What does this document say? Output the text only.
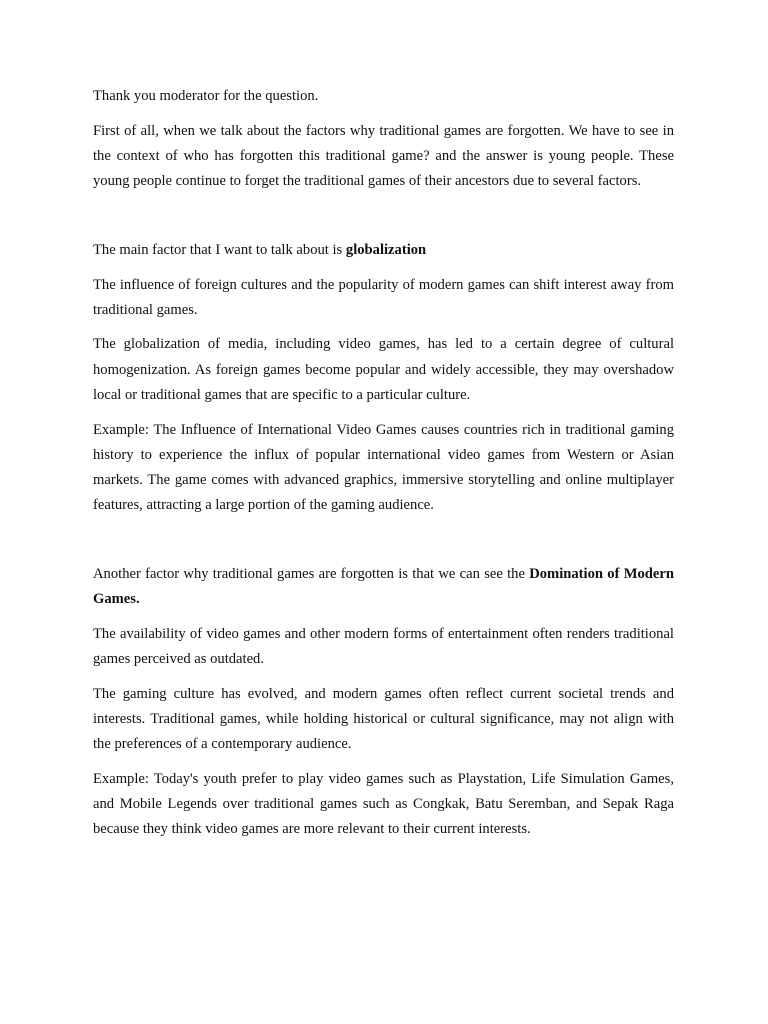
Thank you moderator for the question.

First of all, when we talk about the factors why traditional games are forgotten. We have to see in the context of who has forgotten this traditional game? and the answer is young people. These young people continue to forget the traditional games of their ancestors due to several factors.

The main factor that I want to talk about is globalization

The influence of foreign cultures and the popularity of modern games can shift interest away from traditional games.

The globalization of media, including video games, has led to a certain degree of cultural homogenization. As foreign games become popular and widely accessible, they may overshadow local or traditional games that are specific to a particular culture.

Example: The Influence of International Video Games causes countries rich in traditional gaming history to experience the influx of popular international video games from Western or Asian markets. The game comes with advanced graphics, immersive storytelling and online multiplayer features, attracting a large portion of the gaming audience.

Another factor why traditional games are forgotten is that we can see the Domination of Modern Games.

The availability of video games and other modern forms of entertainment often renders traditional games perceived as outdated.

The gaming culture has evolved, and modern games often reflect current societal trends and interests. Traditional games, while holding historical or cultural significance, may not align with the preferences of a contemporary audience.

Example: Today's youth prefer to play video games such as Playstation, Life Simulation Games, and Mobile Legends over traditional games such as Congkak, Batu Seremban, and Sepak Raga because they think video games are more relevant to their current interests.
